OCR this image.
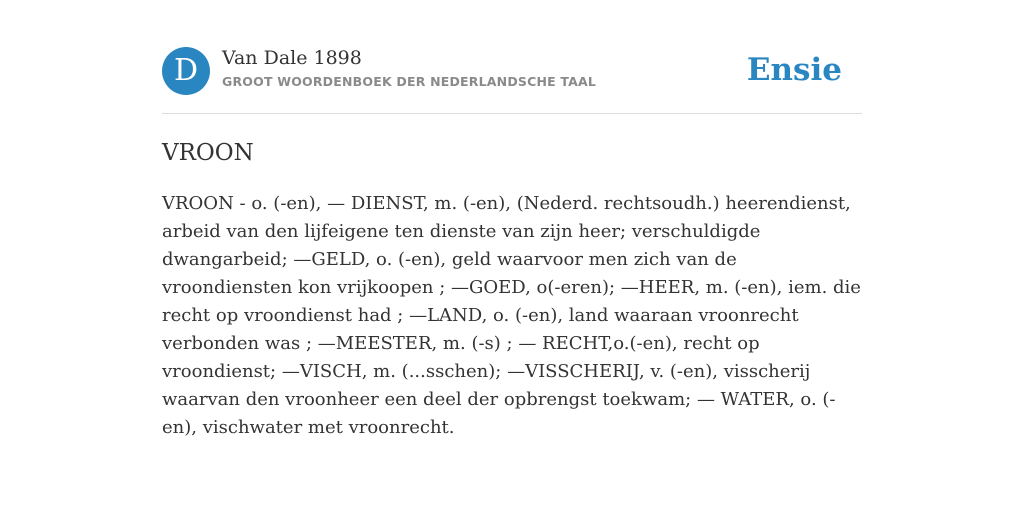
D	Van Dale 1898
GROOT WOORDENBOEK DER NEDERLANDSCHE TAAL	Ensie
VROON

VROON - o. (-en), — DIENST, m. (-en), (Nederd. rechtsoudh.) heerendienst, arbeid van den lijfeigene ten dienste van zijn heer; verschuldigde dwangarbeid; —GELD, o. (-en), geld waarvoor men zich van de vroondiensten kon vrijkoopen ; —GOED, o(-eren); —HEER, m. (-en), iem. die recht op vroondienst had ; —LAND, o. (-en), land waaraan vroonrecht verbonden was ; —MEESTER, m. (-s) ; — RECHT,o.(-en), recht op vroondienst; —VISCH, m. (...sschen); —VISSCHERIJ, v. (-en), visscherij waarvan den vroonheer een deel der opbrengst toekwam; — WATER, o. (-en), vischwater met vroonrecht.
